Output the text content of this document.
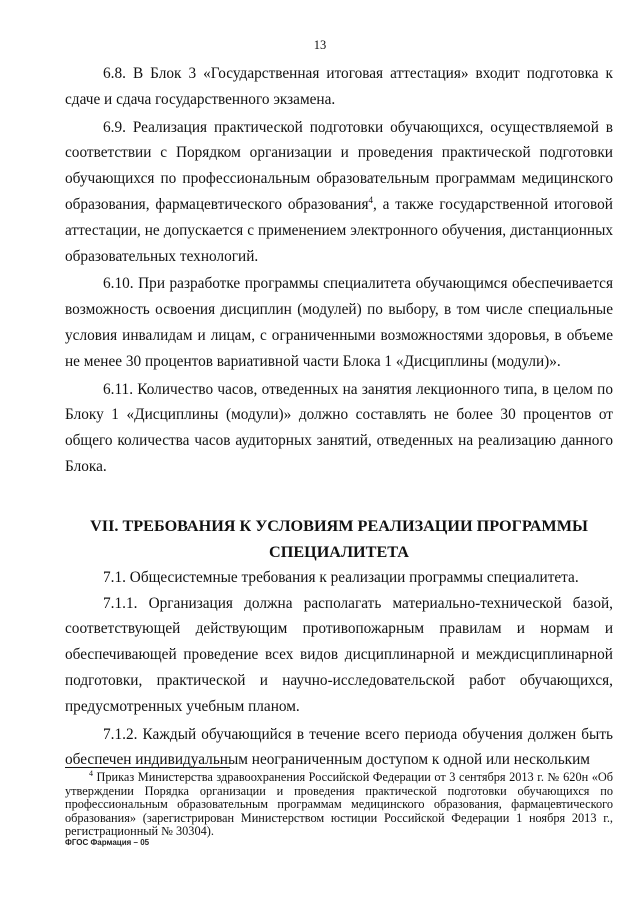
13

6.8. В Блок 3 «Государственная итоговая аттестация» входит подготовка к сдаче и сдача государственного экзамена.

6.9. Реализация практической подготовки обучающихся, осуществляемой в соответствии с Порядком организации и проведения практической подготовки обучающихся по профессиональным образовательным программам медицинского образования, фармацевтического образования$^4$, а также государственной итоговой аттестации, не допускается с применением электронного обучения, дистанционных образовательных технологий.

6.10. При разработке программы специалитета обучающимся обеспечивается возможность освоения дисциплин (модулей) по выбору, в том числе специальные условия инвалидам и лицам, с ограниченными возможностями здоровья, в объеме не менее 30 процентов вариативной части Блока 1 «Дисциплины (модули)».

6.11. Количество часов, отведенных на занятия лекционного типа, в целом по Блоку 1 «Дисциплины (модули)» должно составлять не более 30 процентов от общего количества часов аудиторных занятий, отведенных на реализацию данного Блока.

VII. ТРЕБОВАНИЯ К УСЛОВИЯМ РЕАЛИЗАЦИИ ПРОГРАММЫ
СПЕЦИАЛИТЕТА

7.1. Общесистемные требования к реализации программы специалитета.

7.1.1. Организация должна располагать материально-технической базой, соответствующей действующим противопожарным правилам и нормам и обеспечивающей проведение всех видов дисциплинарной и междисциплинарной подготовки, практической и научно-исследовательской работ обучающихся, предусмотренных учебным планом.

7.1.2. Каждый обучающийся в течение всего периода обучения должен быть обеспечен индивидуальным неограниченным доступом к одной или нескольким

$^4$ Приказ Министерства здравоохранения Российской Федерации от 3 сентября 2013 г. № 620н «Об утверждении Порядка организации и проведения практической подготовки обучающихся по профессиональным образовательным программам медицинского образования, фармацевтического образования» (зарегистрирован Министерством юстиции Российской Федерации 1 ноября 2013 г., регистрационный № 30304).

ФГОС Фармация – 05
